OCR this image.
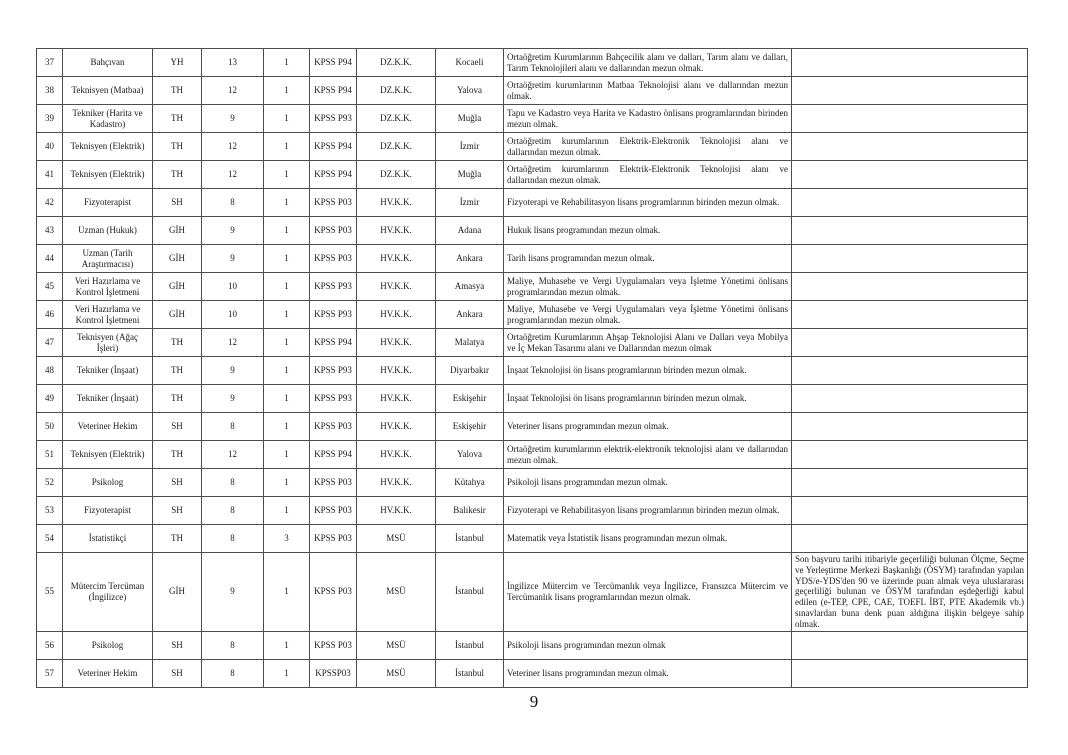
37	Bahçıvan	YH	13	1	KPSS P94	DZ.K.K.	Kocaeli	Ortaöğretim Kurumlarının Bahçecilik alanı ve dalları, Tarım alanı ve dalları, Tarım Teknolojileri alanı ve dallarından mezun olmak.	
38	Teknisyen (Matbaa)	TH	12	1	KPSS P94	DZ.K.K.	Yalova	Ortaöğretim kurumlarının Matbaa Teknolojisi alanı ve dallarından mezun olmak.	
39	Tekniker (Harita ve Kadastro)	TH	9	1	KPSS P93	DZ.K.K.	Muğla	Tapu ve Kadastro veya Harita ve Kadastro önlisans programlarından birinden mezun olmak.	
40	Teknisyen (Elektrik)	TH	12	1	KPSS P94	DZ.K.K.	İzmir	Ortaöğretim kurumlarının Elektrik-Elektronik Teknolojisi alanı ve dallarından mezun olmak.	
41	Teknisyen (Elektrik)	TH	12	1	KPSS P94	DZ.K.K.	Muğla	Ortaöğretim kurumlarının Elektrik-Elektronik Teknolojisi alanı ve dallarından mezun olmak.	
42	Fizyoterapist	SH	8	1	KPSS P03	HV.K.K.	İzmir	Fizyoterapi ve Rehabilitasyon lisans programlarının birinden mezun olmak.	
43	Uzman (Hukuk)	GİH	9	1	KPSS P03	HV.K.K.	Adana	Hukuk lisans programından mezun olmak.	
44	Uzman (Tarih Araştırmacısı)	GİH	9	1	KPSS P03	HV.K.K.	Ankara	Tarih lisans programından mezun olmak.	
45	Veri Hazırlama ve Kontrol İşletmeni	GİH	10	1	KPSS P93	HV.K.K.	Amasya	Maliye, Muhasebe ve Vergi Uygulamaları veya İşletme Yönetimi önlisans programlarından mezun olmak.	
46	Veri Hazırlama ve Kontrol İşletmeni	GİH	10	1	KPSS P93	HV.K.K.	Ankara	Maliye, Muhasebe ve Vergi Uygulamaları veya İşletme Yönetimi önlisans programlarından mezun olmak.	
47	Teknisyen (Ağaç İşleri)	TH	12	1	KPSS P94	HV.K.K.	Malatya	Ortaöğretim Kurumlarının Ahşap Teknolojisi Alanı ve Dalları veya Mobilya ve İç Mekan Tasarımı alanı ve Dallarından mezun olmak	
48	Tekniker (İnşaat)	TH	9	1	KPSS P93	HV.K.K.	Diyarbakır	İnşaat Teknolojisi ön lisans programlarının birinden mezun olmak.	
49	Tekniker (İnşaat)	TH	9	1	KPSS P93	HV.K.K.	Eskişehir	İnşaat Teknolojisi ön lisans programlarının birinden mezun olmak.	
50	Veteriner Hekim	SH	8	1	KPSS P03	HV.K.K.	Eskişehir	Veteriner lisans programından mezun olmak.	
51	Teknisyen (Elektrik)	TH	12	1	KPSS P94	HV.K.K.	Yalova	Ortaöğretim kurumlarının elektrik-elektronik teknolojisi alanı ve dallarından mezun olmak.	
52	Psikolog	SH	8	1	KPSS P03	HV.K.K.	Kütahya	Psikoloji lisans programından mezun olmak.	
53	Fizyoterapist	SH	8	1	KPSS P03	HV.K.K.	Balıkesir	Fizyoterapi ve Rehabilitasyon lisans programlarının birinden mezun olmak.	
54	İstatistikçi	TH	8	3	KPSS P03	MSÜ	İstanbul	Matematik veya İstatistik lisans programından mezun olmak.	
55	Mütercim Tercüman (İngilizce)	GİH	9	1	KPSS P03	MSÜ	İstanbul	İngilizce Mütercim ve Tercümanlık veya İngilizce, Fransızca Mütercim ve Tercümanlık lisans programlarından mezun olmak.	Son başvuru tarihi itibariyle geçerliliği bulunan Ölçme, Seçme ve Yerleştirme Merkezi Başkanlığı (ÖSYM) tarafından yapılan YDS/e-YDS'den 90 ve üzerinde puan almak veya uluslararası geçerliliği bulunan ve ÖSYM tarafından eşdeğerliği kabul edilen (e-TEP, CPE, CAE, TOEFL İBT, PTE Akademik vb.) sınavlardan buna denk puan aldığına ilişkin belgeye sahip olmak.
56	Psikolog	SH	8	1	KPSS P03	MSÜ	İstanbul	Psikoloji lisans programından mezun olmak	
57	Veteriner Hekim	SH	8	1	KPSSP03	MSÜ	İstanbul	Veteriner lisans programından mezun olmak.	
9
